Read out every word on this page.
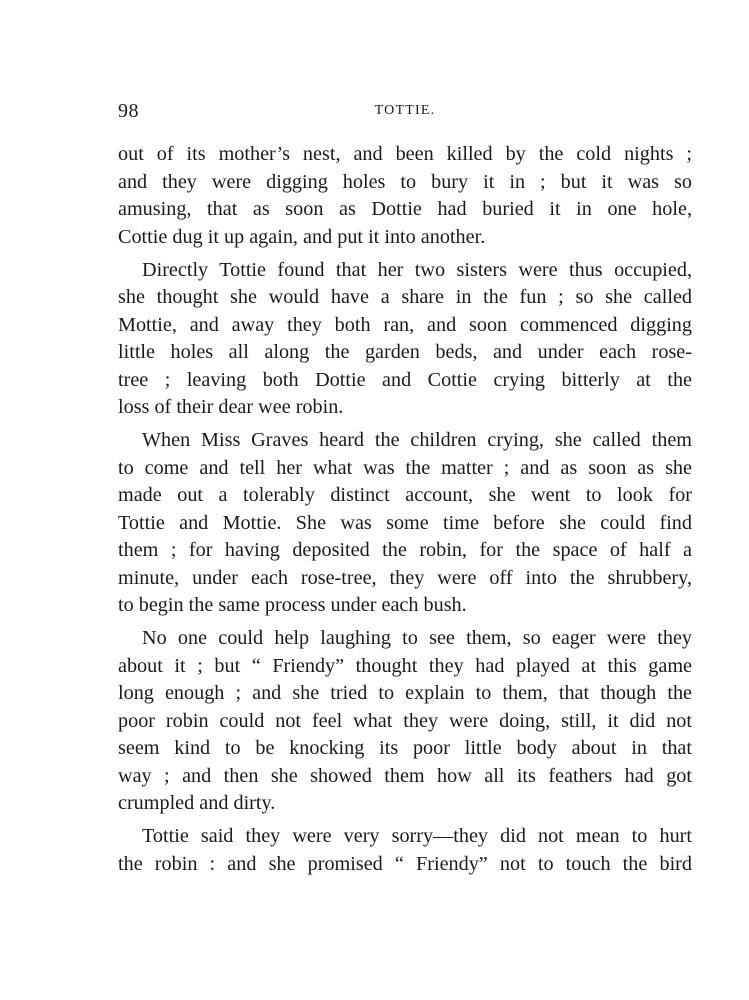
98	TOTTIE.
out of its mother’s nest, and been killed by the cold nights ;
and they were digging holes to bury it in ; but it was so
amusing, that as soon as Dottie had buried it in one hole,
Cottie dug it up again, and put it into another.
Directly Tottie found that her two sisters were thus occupied,
she thought she would have a share in the fun ; so she called
Mottie, and away they both ran, and soon commenced digging
little holes all along the garden beds, and under each rose-
tree ; leaving both Dottie and Cottie crying bitterly at the
loss of their dear wee robin.
When Miss Graves heard the children crying, she called them
to come and tell her what was the matter ; and as soon as she
made out a tolerably distinct account, she went to look for
Tottie and Mottie. She was some time before she could find
them ; for having deposited the robin, for the space of half a
minute, under each rose-tree, they were off into the shrubbery,
to begin the same process under each bush.
No one could help laughing to see them, so eager were they
about it ; but “ Friendy” thought they had played at this game
long enough ; and she tried to explain to them, that though the
poor robin could not feel what they were doing, still, it did not
seem kind to be knocking its poor little body about in that
way ; and then she showed them how all its feathers had got
crumpled and dirty.
Tottie said they were very sorry—they did not mean to hurt
the robin : and she promised “ Friendy” not to touch the bird
